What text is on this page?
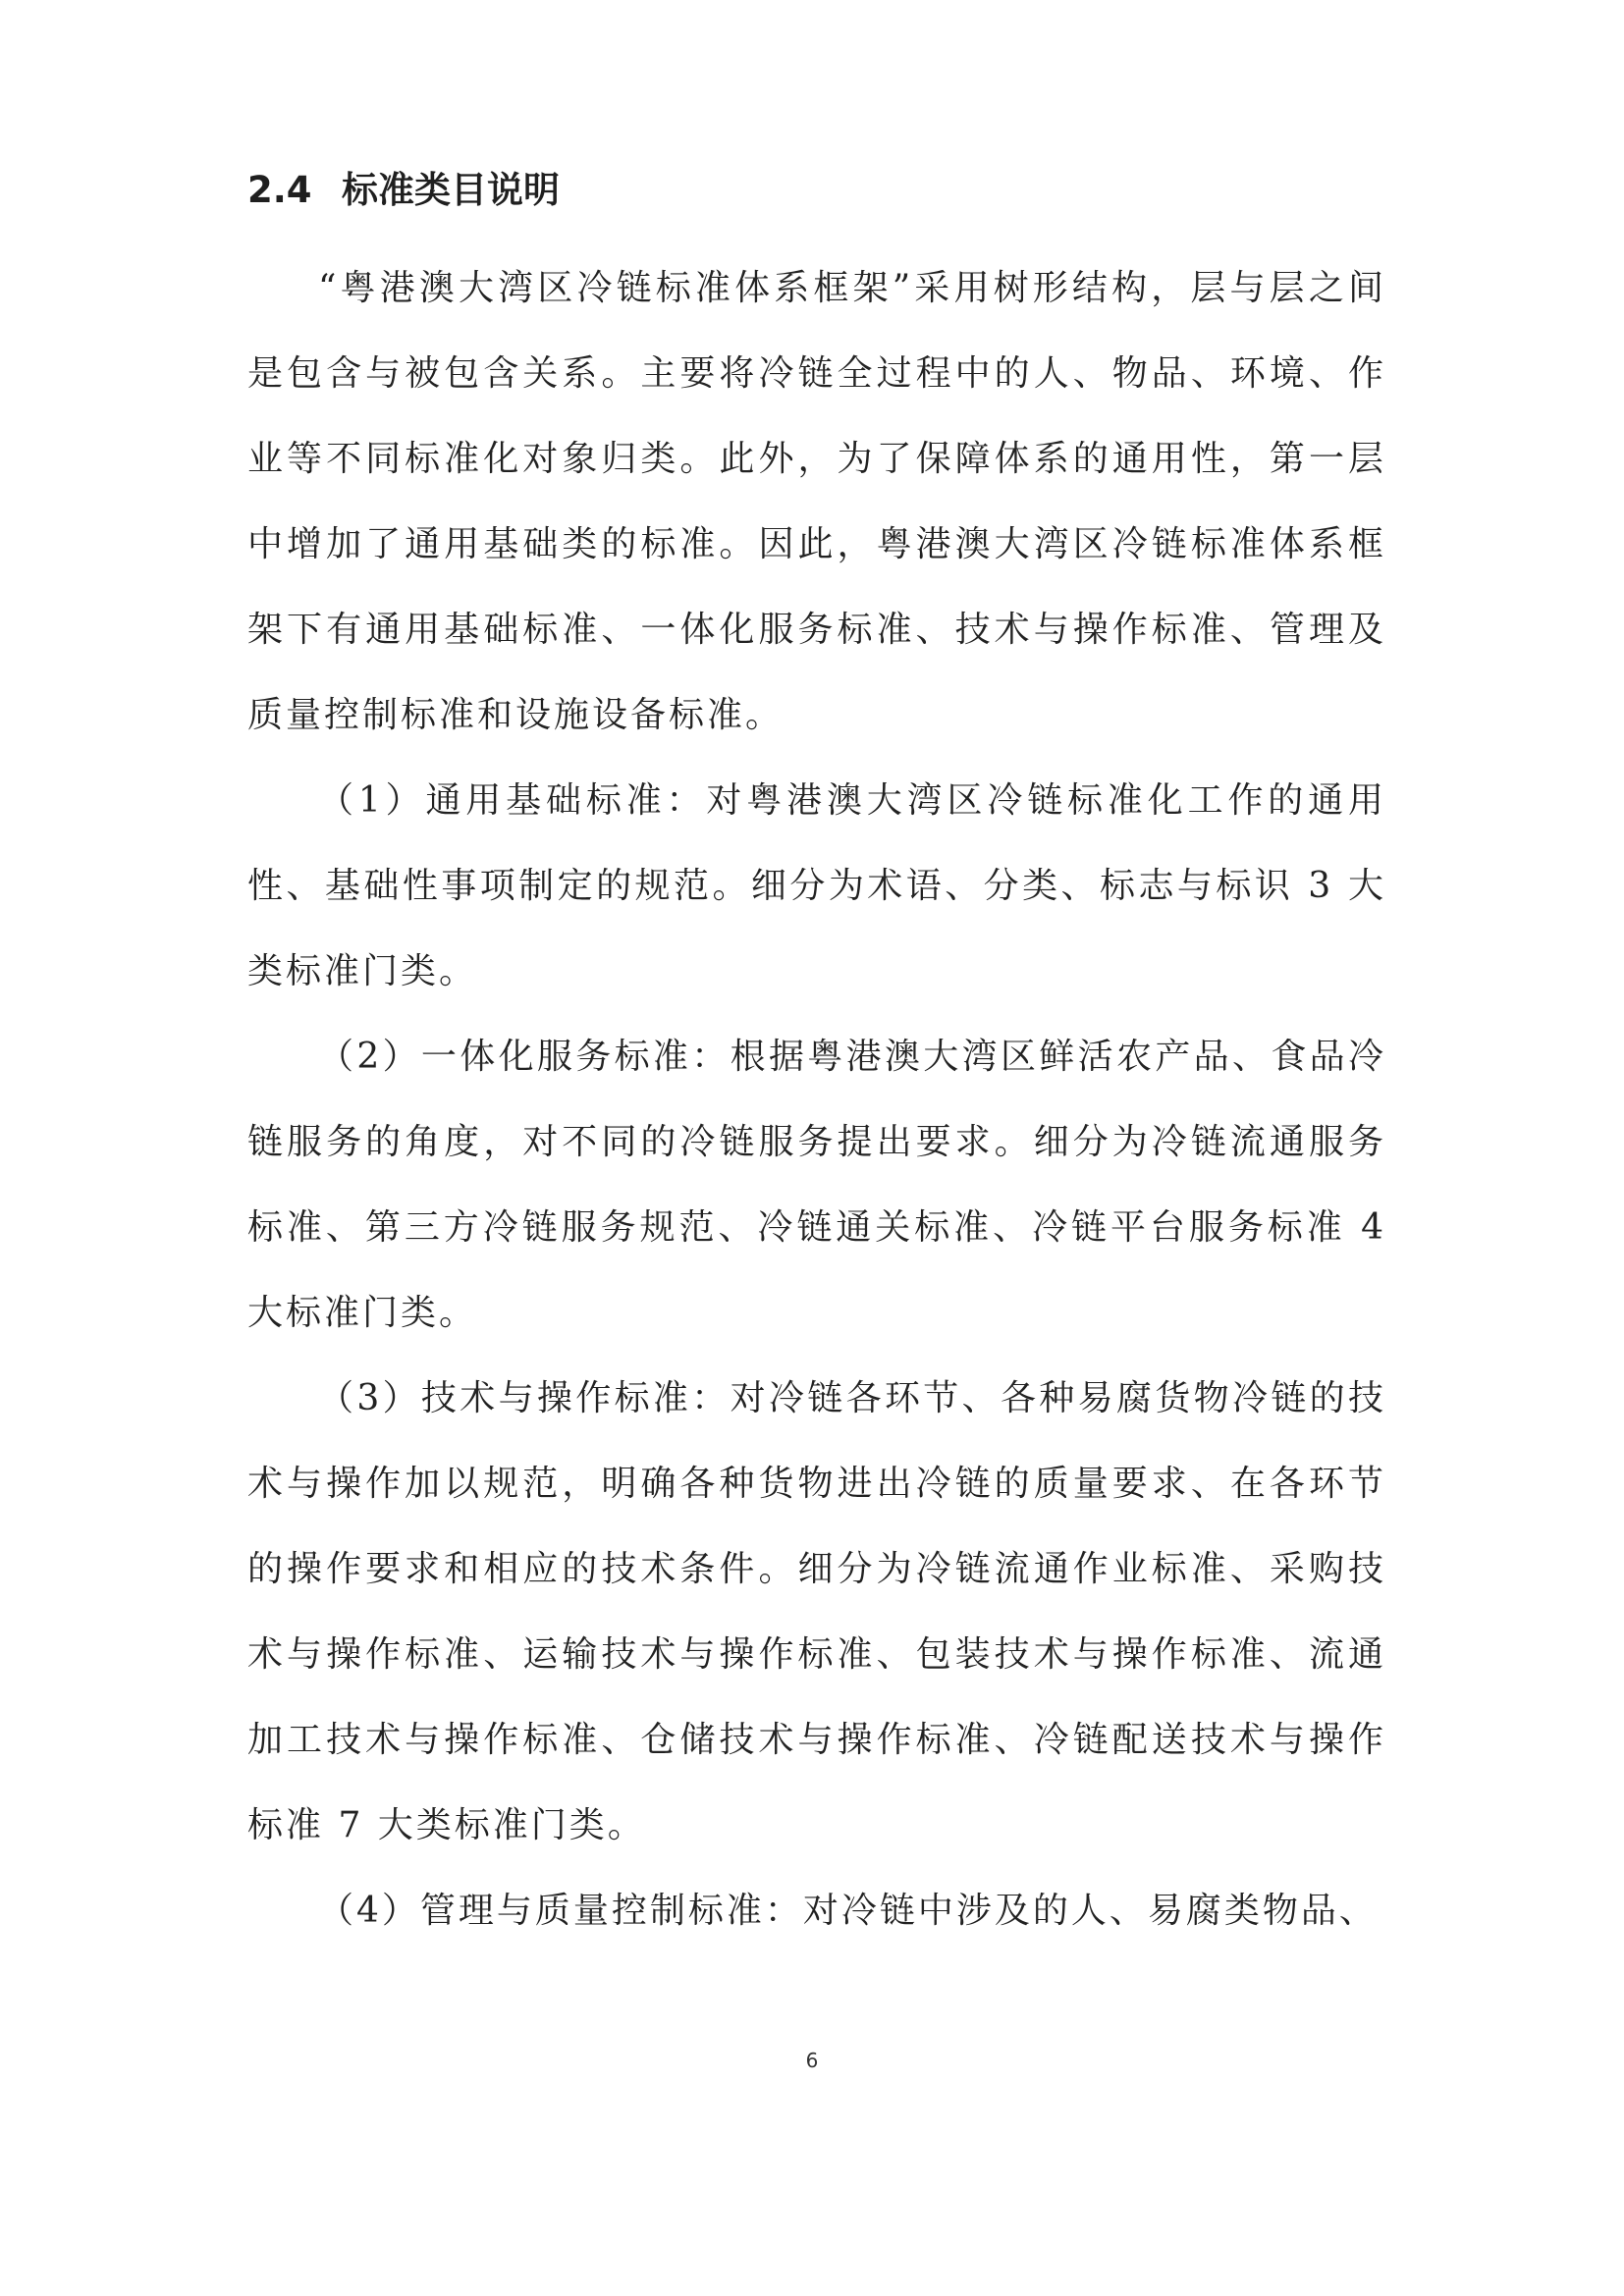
2.4 标准类目说明

“粤港澳大湾区冷链标准体系框架”采用树形结构，层与层之间是包含与被包含关系。主要将冷链全过程中的人、物品、环境、作业等不同标准化对象归类。此外，为了保障体系的通用性，第一层中增加了通用基础类的标准。因此，粤港澳大湾区冷链标准体系框架下有通用基础标准、一体化服务标准、技术与操作标准、管理及质量控制标准和设施设备标准。

（1）通用基础标准：对粤港澳大湾区冷链标准化工作的通用性、基础性事项制定的规范。细分为术语、分类、标志与标识 3 大类标准门类。

（2）一体化服务标准：根据粤港澳大湾区鲜活农产品、食品冷链服务的角度，对不同的冷链服务提出要求。细分为冷链流通服务标准、第三方冷链服务规范、冷链通关标准、冷链平台服务标准 4 大标准门类。

（3）技术与操作标准：对冷链各环节、各种易腐货物冷链的技术与操作加以规范，明确各种货物进出冷链的质量要求、在各环节的操作要求和相应的技术条件。细分为冷链流通作业标准、采购技术与操作标准、运输技术与操作标准、包装技术与操作标准、流通加工技术与操作标准、仓储技术与操作标准、冷链配送技术与操作标准 7 大类标准门类。

（4）管理与质量控制标准：对冷链中涉及的人、易腐类物品、

6
